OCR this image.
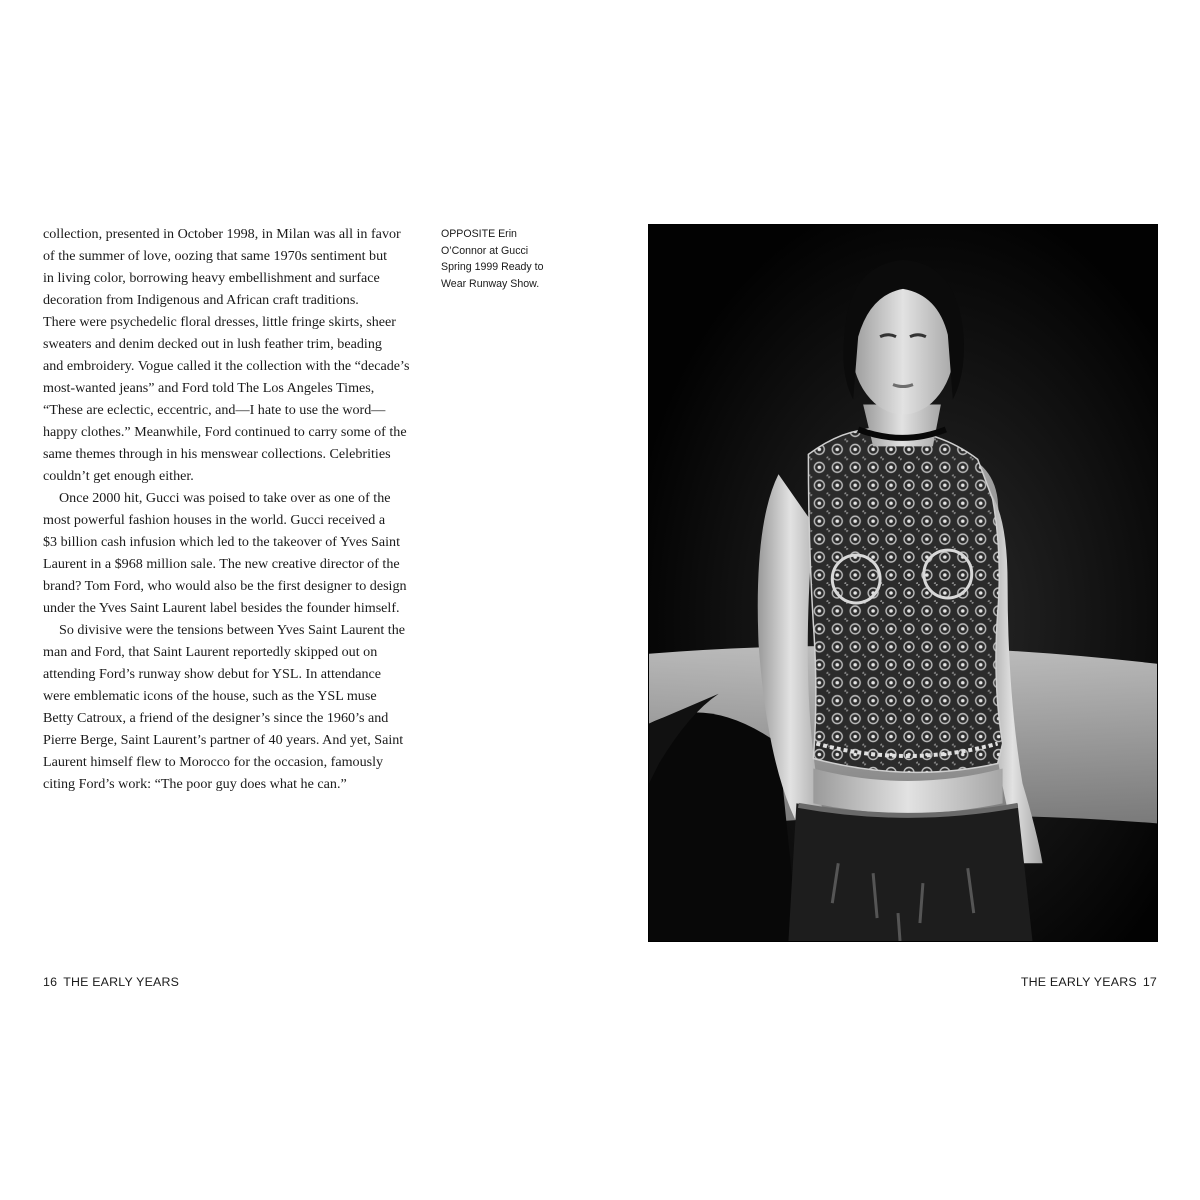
collection, presented in October 1998, in Milan was all in favor

of the summer of love, oozing that same 1970s sentiment but

in living color, borrowing heavy embellishment and surface

decoration from Indigenous and African craft traditions.

There were psychedelic floral dresses, little fringe skirts, sheer

sweaters and denim decked out in lush feather trim, beading

and embroidery. Vogue called it the collection with the “decade’s

most-wanted jeans” and Ford told The Los Angeles Times,

“These are eclectic, eccentric, and—I hate to use the word—

happy clothes.” Meanwhile, Ford continued to carry some of the

same themes through in his menswear collections. Celebrities

couldn’t get enough either.

Once 2000 hit, Gucci was poised to take over as one of the

most powerful fashion houses in the world. Gucci received a

$3 billion cash infusion which led to the takeover of Yves Saint

Laurent in a $968 million sale. The new creative director of the

brand? Tom Ford, who would also be the first designer to design

under the Yves Saint Laurent label besides the founder himself.

So divisive were the tensions between Yves Saint Laurent the

man and Ford, that Saint Laurent reportedly skipped out on

attending Ford’s runway show debut for YSL. In attendance

were emblematic icons of the house, such as the YSL muse

Betty Catroux, a friend of the designer’s since the 1960’s and

Pierre Berge, Saint Laurent’s partner of 40 years. And yet, Saint

Laurent himself flew to Morocco for the occasion, famously

citing Ford’s work: “The poor guy does what he can.”

OPPOSITE Erin

O’Connor at Gucci

Spring 1999 Ready to

Wear Runway Show.

16 THE EARLY YEARS	THE EARLY YEARS 17
